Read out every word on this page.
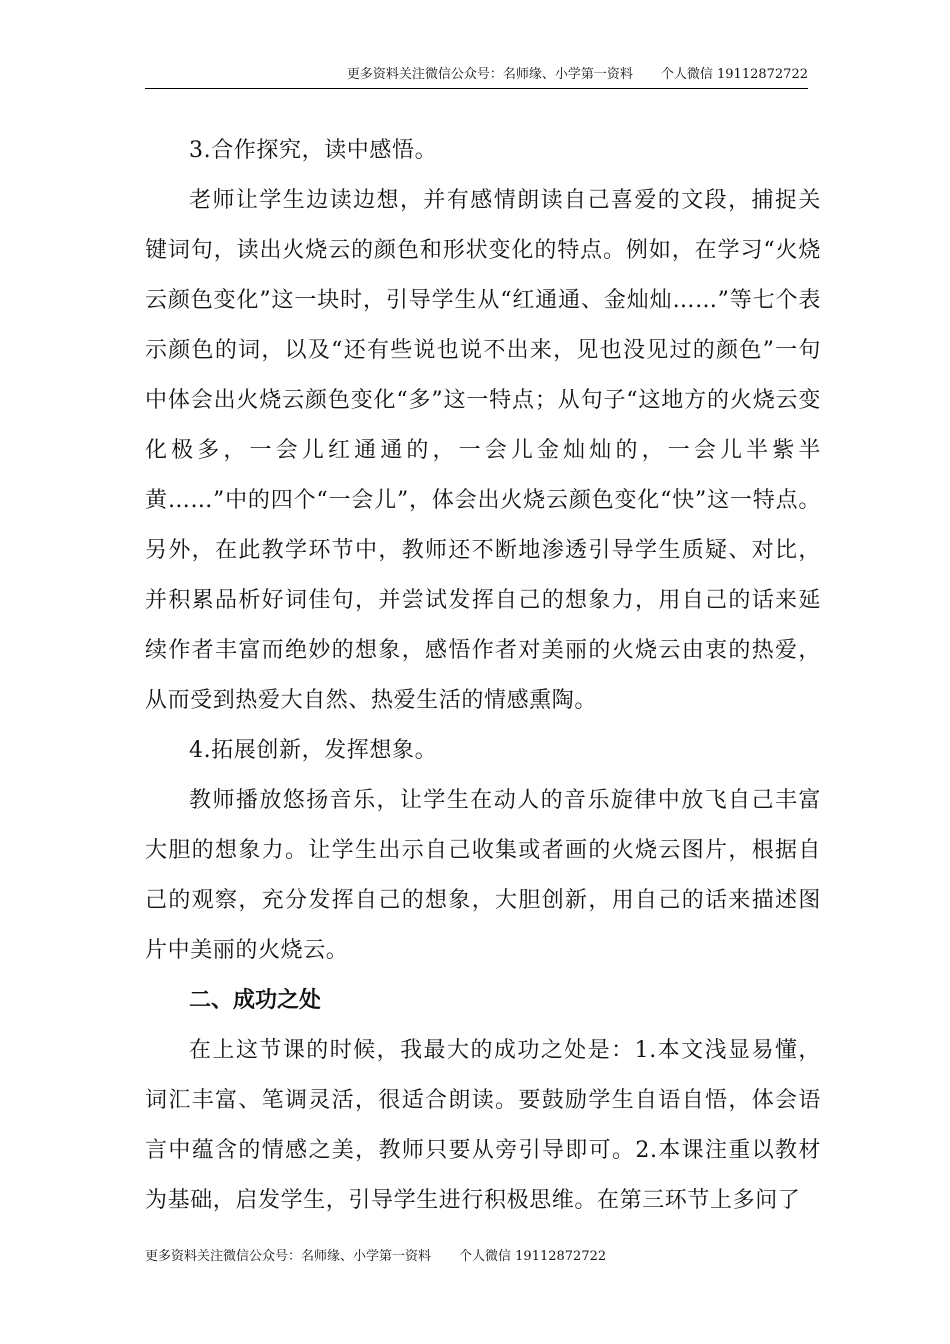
更多资料关注微信公众号：名师缘、小学第一资料 个人微信 19112872722

3.合作探究，读中感悟。

老师让学生边读边想，并有感情朗读自己喜爱的文段，捕捉关键词句，读出火烧云的颜色和形状变化的特点。例如，在学习“火烧云颜色变化”这一块时，引导学生从“红通通、金灿灿……”等七个表示颜色的词，以及“还有些说也说不出来，见也没见过的颜色”一句中体会出火烧云颜色变化“多”这一特点；从句子“这地方的火烧云变化极多，一会儿红通通的，一会儿金灿灿的，一会儿半紫半黄……”中的四个“一会儿”，体会出火烧云颜色变化“快”这一特点。另外，在此教学环节中，教师还不断地渗透引导学生质疑、对比，并积累品析好词佳句，并尝试发挥自己的想象力，用自己的话来延续作者丰富而绝妙的想象，感悟作者对美丽的火烧云由衷的热爱，从而受到热爱大自然、热爱生活的情感熏陶。

4.拓展创新，发挥想象。

教师播放悠扬音乐，让学生在动人的音乐旋律中放飞自己丰富大胆的想象力。让学生出示自己收集或者画的火烧云图片，根据自己的观察，充分发挥自己的想象，大胆创新，用自己的话来描述图片中美丽的火烧云。

二、成功之处

在上这节课的时候，我最大的成功之处是：1.本文浅显易懂，词汇丰富、笔调灵活，很适合朗读。要鼓励学生自语自悟，体会语言中蕴含的情感之美，教师只要从旁引导即可。2.本课注重以教材为基础，启发学生，引导学生进行积极思维。在第三环节上多问了

更多资料关注微信公众号：名师缘、小学第一资料 个人微信 19112872722
